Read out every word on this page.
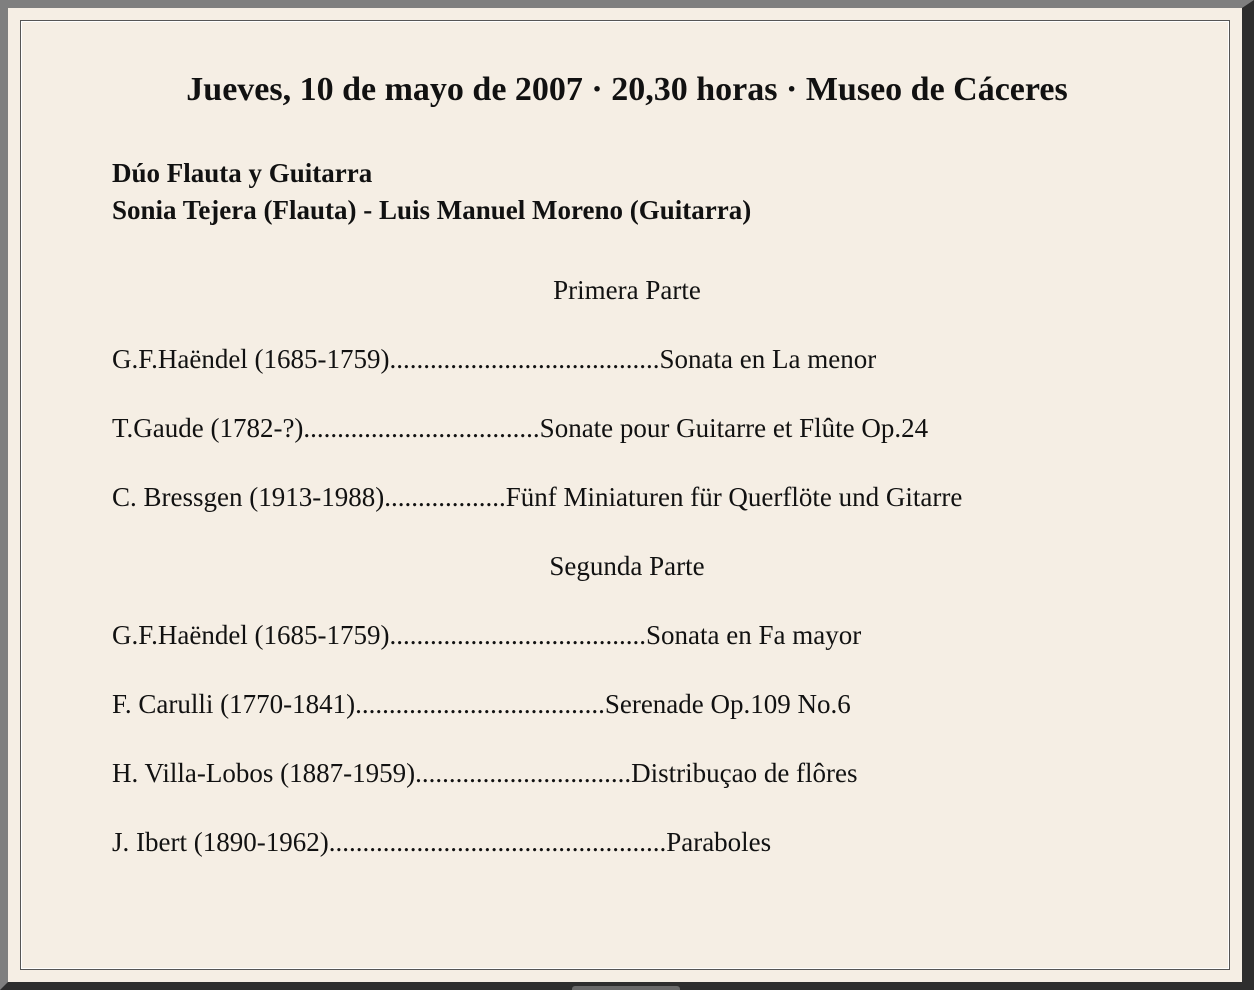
Jueves, 10 de mayo de 2007 · 20,30 horas · Museo de Cáceres
Dúo Flauta y Guitarra
Sonia Tejera (Flauta) - Luis Manuel Moreno (Guitarra)
Primera Parte
G.F.Haëndel (1685-1759)........................................Sonata en La menor
T.Gaude (1782-?)...................................Sonate pour Guitarre et Flûte Op.24
C. Bressgen (1913-1988)..................Fünf Miniaturen für Querflöte und Gitarre
Segunda Parte
G.F.Haëndel (1685-1759)......................................Sonata en Fa mayor
F. Carulli (1770-1841).....................................Serenade Op.109 No.6
H. Villa-Lobos (1887-1959)................................Distribuçao de flôres
J. Ibert (1890-1962)..................................................Paraboles
